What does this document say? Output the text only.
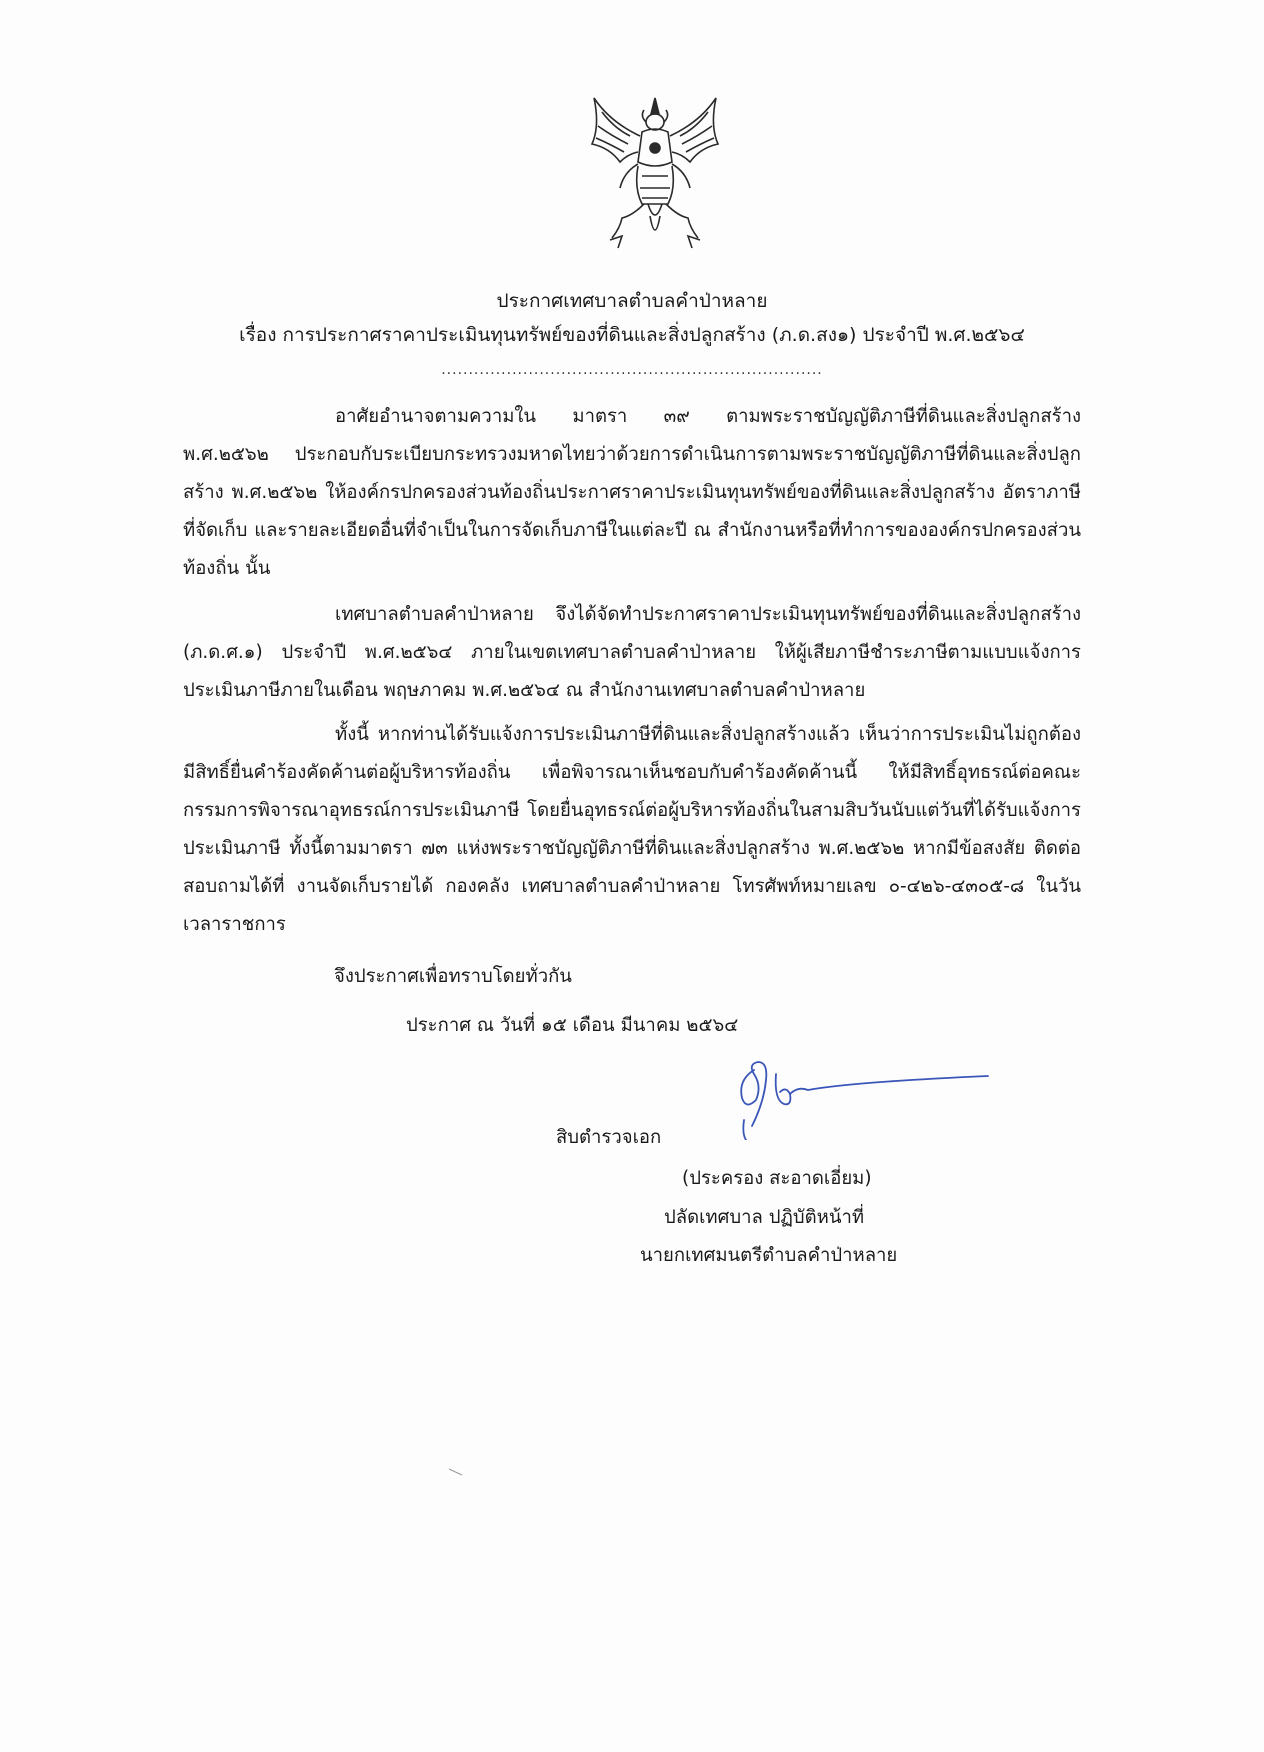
ประกาศเทศบาลตำบลคำป่าหลาย
เรื่อง การประกาศราคาประเมินทุนทรัพย์ของที่ดินและสิ่งปลูกสร้าง (ภ.ด.สง๑) ประจำปี พ.ศ.๒๕๖๔
......................................................................

อาศัยอำนาจตามความใน มาตรา ๓๙ ตามพระราชบัญญัติภาษีที่ดินและสิ่งปลูกสร้าง พ.ศ.๒๕๖๒ ประกอบกับระเบียบกระทรวงมหาดไทยว่าด้วยการดำเนินการตามพระราชบัญญัติภาษีที่ดินและสิ่งปลูกสร้าง พ.ศ.๒๕๖๒ ให้องค์กรปกครองส่วนท้องถิ่นประกาศราคาประเมินทุนทรัพย์ของที่ดินและสิ่งปลูกสร้าง อัตราภาษีที่จัดเก็บ และรายละเอียดอื่นที่จำเป็นในการจัดเก็บภาษีในแต่ละปี ณ สำนักงานหรือที่ทำการขององค์กรปกครองส่วนท้องถิ่น นั้น

เทศบาลตำบลคำป่าหลาย จึงได้จัดทำประกาศราคาประเมินทุนทรัพย์ของที่ดินและสิ่งปลูกสร้าง (ภ.ด.ศ.๑) ประจำปี พ.ศ.๒๕๖๔ ภายในเขตเทศบาลตำบลคำป่าหลาย ให้ผู้เสียภาษีชำระภาษีตามแบบแจ้งการประเมินภาษีภายในเดือน พฤษภาคม พ.ศ.๒๕๖๔ ณ สำนักงานเทศบาลตำบลคำป่าหลาย

ทั้งนี้ หากท่านได้รับแจ้งการประเมินภาษีที่ดินและสิ่งปลูกสร้างแล้ว เห็นว่าการประเมินไม่ถูกต้อง มีสิทธิ์ยื่นคำร้องคัดค้านต่อผู้บริหารท้องถิ่น เพื่อพิจารณาเห็นชอบกับคำร้องคัดค้านนี้ ให้มีสิทธิ์อุทธรณ์ต่อคณะกรรมการพิจารณาอุทธรณ์การประเมินภาษี โดยยื่นอุทธรณ์ต่อผู้บริหารท้องถิ่นในสามสิบวันนับแต่วันที่ได้รับแจ้งการประเมินภาษี ทั้งนี้ตามมาตรา ๗๓ แห่งพระราชบัญญัติภาษีที่ดินและสิ่งปลูกสร้าง พ.ศ.๒๕๖๒ หากมีข้อสงสัย ติดต่อสอบถามได้ที่ งานจัดเก็บรายได้ กองคลัง เทศบาลตำบลคำป่าหลาย โทรศัพท์หมายเลข ๐-๔๒๖-๔๓๐๕-๘ ในวันเวลาราชการ

จึงประกาศเพื่อทราบโดยทั่วกัน
ประกาศ ณ วันที่ ๑๕ เดือน มีนาคม ๒๕๖๔
สิบตำรวจเอก
(ประครอง สะอาดเอี่ยม)
ปลัดเทศบาล ปฏิบัติหน้าที่
นายกเทศมนตรีตำบลคำป่าหลาย
